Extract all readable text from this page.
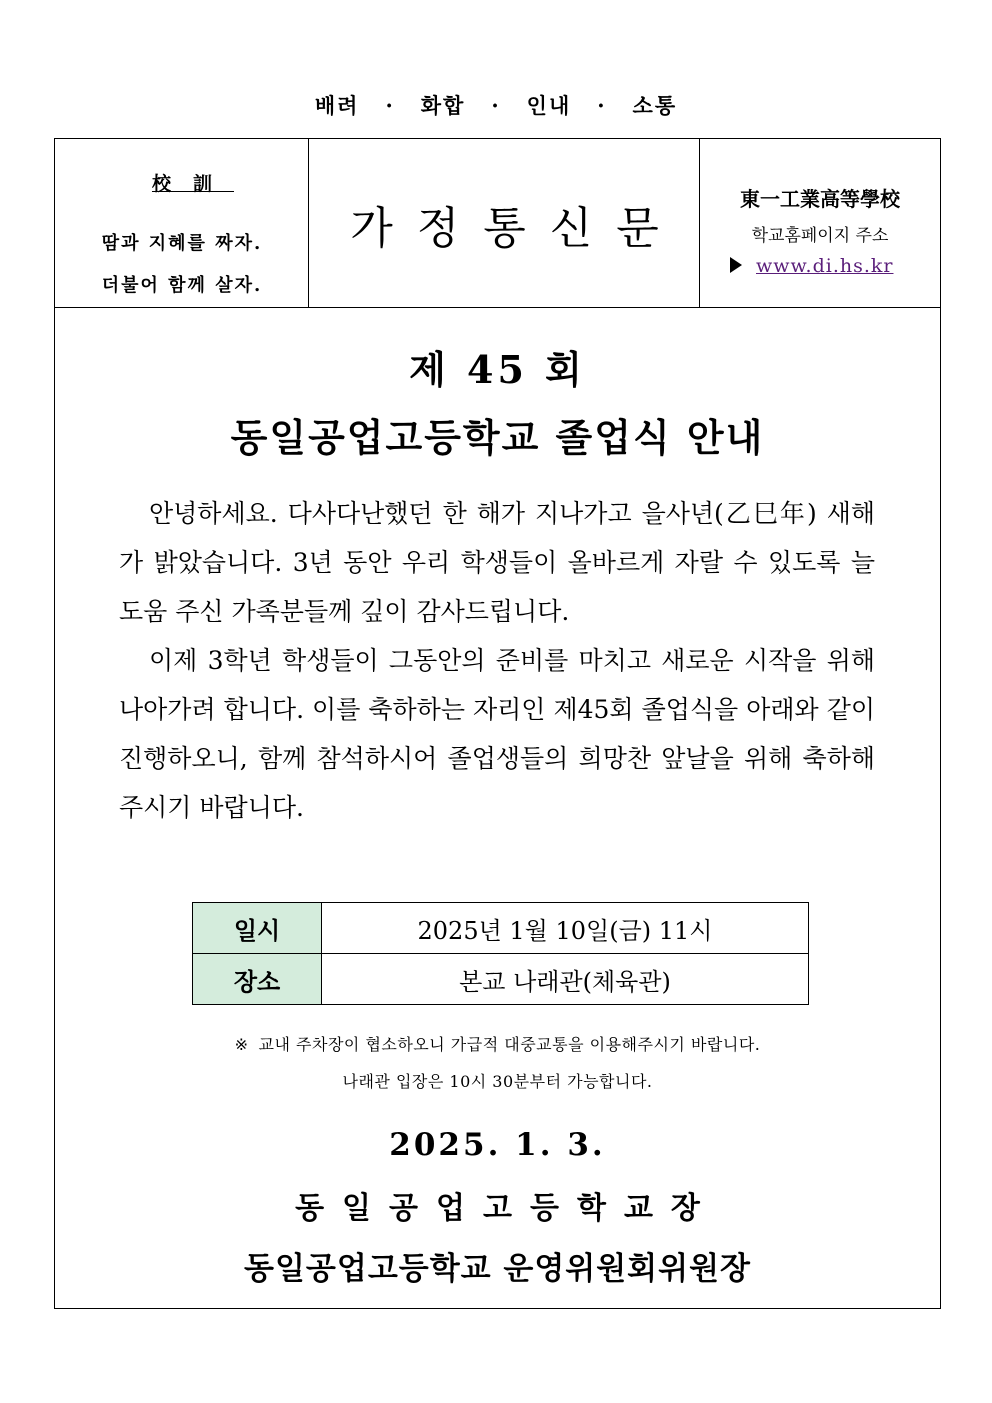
배려 · 화합 · 인내 · 소통
校訓
땀과 지혜를 짜자.
더불어 함께 살자.
가정통신문
東一工業高等學校
학교홈페이지 주소
www.di.hs.kr
제 45 회
동일공업고등학교 졸업식 안내
안녕하세요. 다사다난했던 한 해가 지나가고 을사년(乙巳年) 새해가 밝았습니다. 3년 동안 우리 학생들이 올바르게 자랄 수 있도록 늘 도움 주신 가족분들께 깊이 감사드립니다.
이제 3학년 학생들이 그동안의 준비를 마치고 새로운 시작을 위해 나아가려 합니다. 이를 축하하는 자리인 제45회 졸업식을 아래와 같이 진행하오니, 함께 참석하시어 졸업생들의 희망찬 앞날을 위해 축하해주시기 바랍니다.
일시	2025년 1월 10일(금) 11시
장소	본교 나래관(체육관)
※ 교내 주차장이 협소하오니 가급적 대중교통을 이용해주시기 바랍니다.
나래관 입장은 10시 30분부터 가능합니다.
2025. 1. 3.
동일공업고등학교장
동일공업고등학교 운영위원회위원장
